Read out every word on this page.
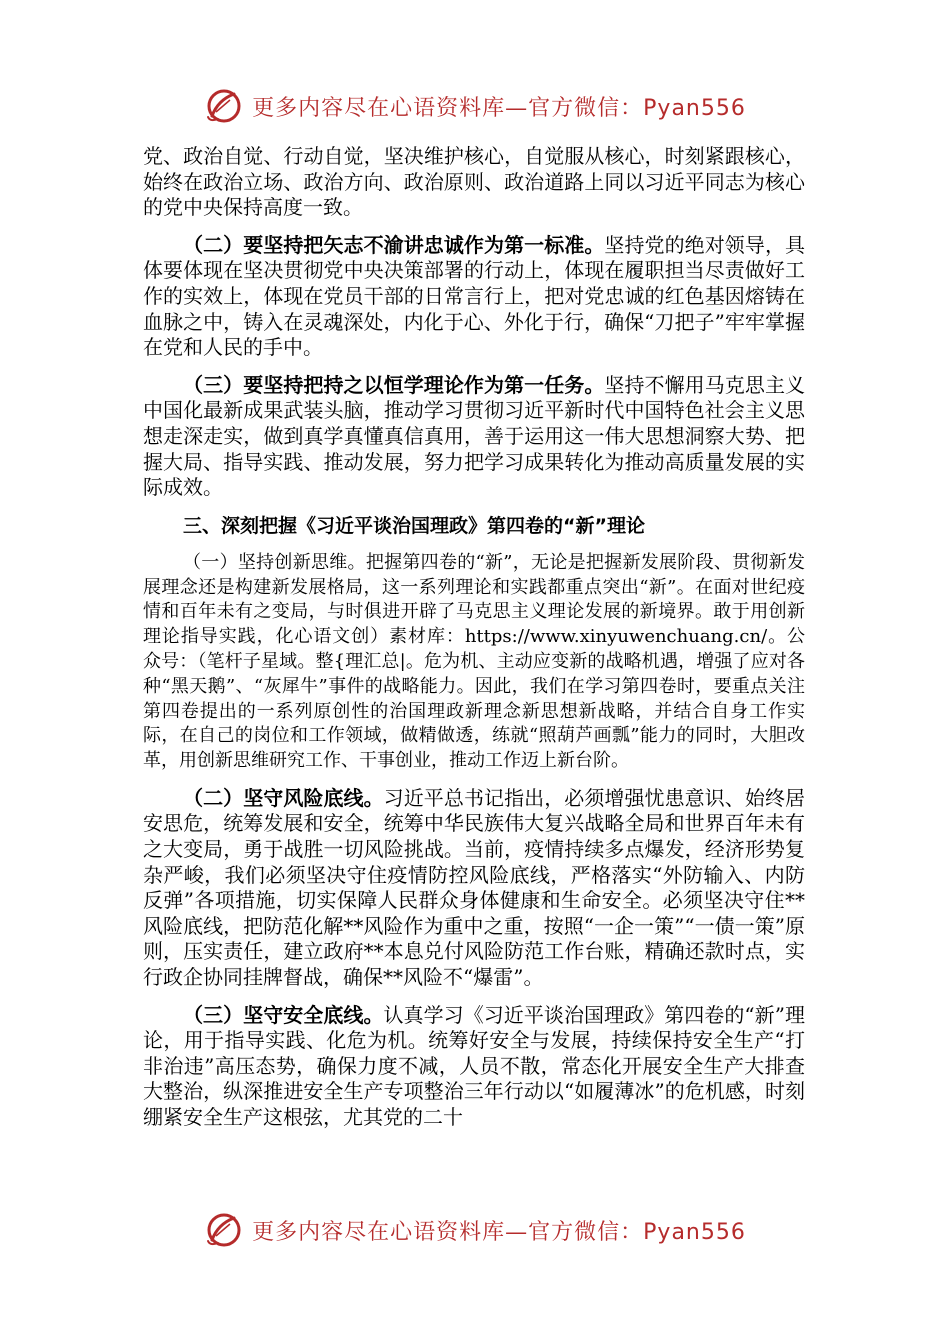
更多内容尽在心语资料库—官方微信：Pyan556

党、政治自觉、行动自觉，坚决维护核心，自觉服从核心，时刻紧跟核心，始终在政治立场、政治方向、政治原则、政治道路上同以习近平同志为核心的党中央保持高度一致。

（二）要坚持把矢志不渝讲忠诚作为第一标准。坚持党的绝对领导，具体要体现在坚决贯彻党中央决策部署的行动上，体现在履职担当尽责做好工作的实效上，体现在党员干部的日常言行上，把对党忠诚的红色基因熔铸在血脉之中，铸入在灵魂深处，内化于心、外化于行，确保“刀把子”牢牢掌握在党和人民的手中。

（三）要坚持把持之以恒学理论作为第一任务。坚持不懈用马克思主义中国化最新成果武装头脑，推动学习贯彻习近平新时代中国特色社会主义思想走深走实，做到真学真懂真信真用，善于运用这一伟大思想洞察大势、把握大局、指导实践、推动发展，努力把学习成果转化为推动高质量发展的实际成效。

三、深刻把握《习近平谈治国理政》第四卷的“新”理论

（一）坚持创新思维。把握第四卷的“新”，无论是把握新发展阶段、贯彻新发展理念还是构建新发展格局，这一系列理论和实践都重点突出“新”。在面对世纪疫情和百年未有之变局，与时俱进开辟了马克思主义理论发展的新境界。敢于用创新理论指导实践，化心语文创）素材库：https://www.xinyuwenchuang.cn/。公众号：（笔杆子星域。整{理汇总|。危为机、主动应变新的战略机遇，增强了应对各种“黑天鹅”、“灰犀牛”事件的战略能力。因此，我们在学习第四卷时，要重点关注第四卷提出的一系列原创性的治国理政新理念新思想新战略，并结合自身工作实际，在自己的岗位和工作领域，做精做透，练就“照葫芦画瓢”能力的同时，大胆改革，用创新思维研究工作、干事创业，推动工作迈上新台阶。

（二）坚守风险底线。习近平总书记指出，必须增强忧患意识、始终居安思危，统筹发展和安全，统筹中华民族伟大复兴战略全局和世界百年未有之大变局，勇于战胜一切风险挑战。当前，疫情持续多点爆发，经济形势复杂严峻，我们必须坚决守住疫情防控风险底线，严格落实“外防输入、内防反弹”各项措施，切实保障人民群众身体健康和生命安全。必须坚决守住**风险底线，把防范化解**风险作为重中之重，按照“一企一策”“一债一策”原则，压实责任，建立政府**本息兑付风险防范工作台账，精确还款时点，实行政企协同挂牌督战，确保**风险不“爆雷”。

（三）坚守安全底线。认真学习《习近平谈治国理政》第四卷的“新”理论，用于指导实践、化危为机。统筹好安全与发展，持续保持安全生产“打非治违”高压态势，确保力度不减，人员不散，常态化开展安全生产大排查大整治，纵深推进安全生产专项整治三年行动以“如履薄冰”的危机感，时刻绷紧安全生产这根弦，尤其党的二十

更多内容尽在心语资料库—官方微信：Pyan556
